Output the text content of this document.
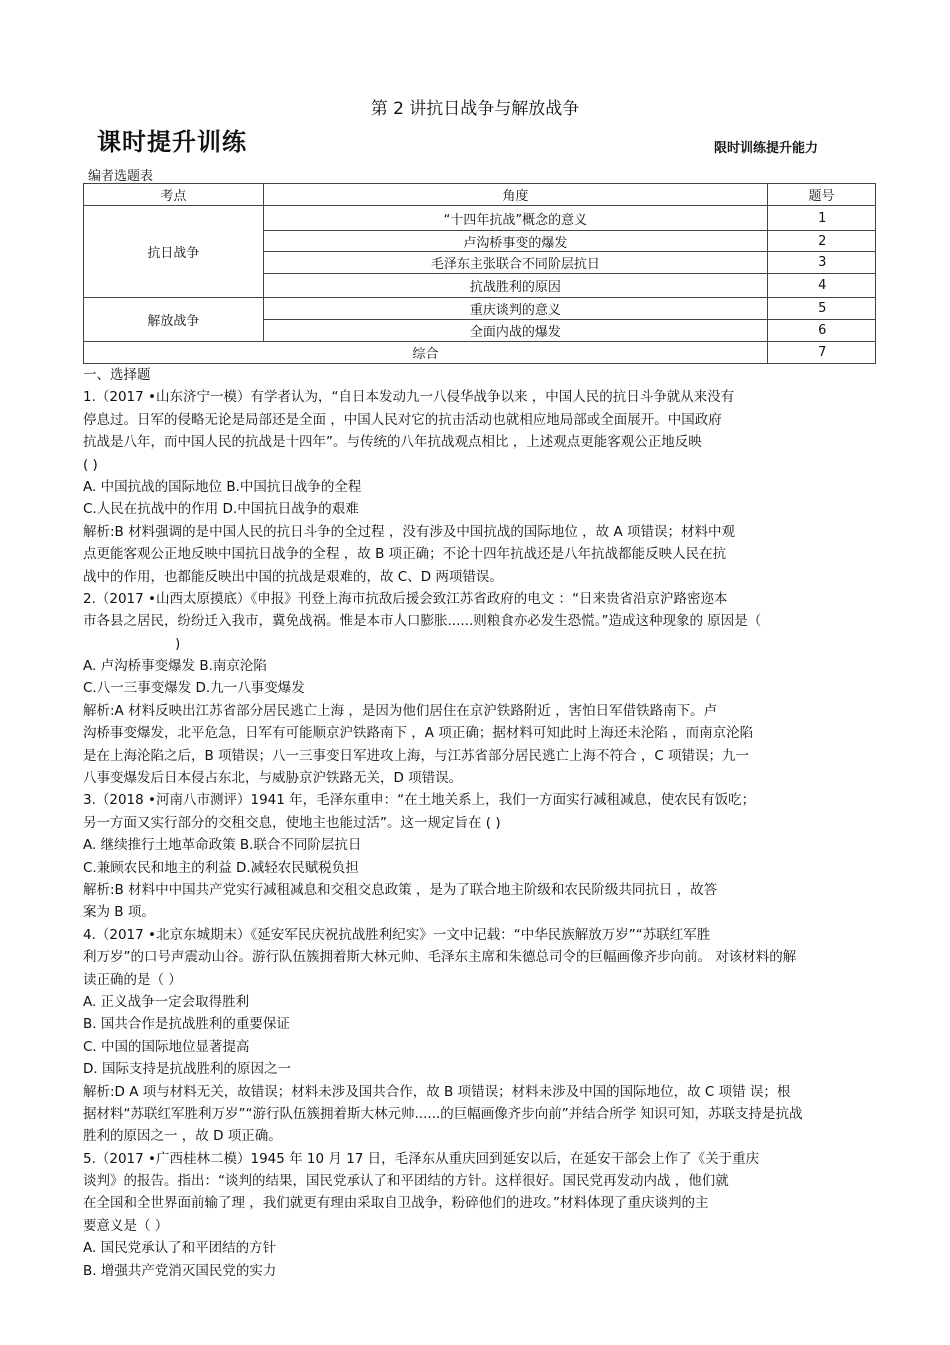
第 2 讲抗日战争与解放战争
课时提升训练	限时训练提升能力
编者选题表
考点	角度	题号
抗日战争	“十四年抗战”概念的意义	1
	卢沟桥事变的爆发	2
	毛泽东主张联合不同阶层抗日	3
	抗战胜利的原因	4
解放战争	重庆谈判的意义	5
	全面内战的爆发	6
综合		7
一、选择题
1.（2017 •山东济宁一模）有学者认为，“自日本发动九一八侵华战争以来 ，中国人民的抗日斗争就从来没有
停息过。日军的侵略无论是局部还是全面 ，中国人民对它的抗击活动也就相应地局部或全面展开。中国政府
抗战是八年，而中国人民的抗战是十四年”。与传统的八年抗战观点相比 ，上述观点更能客观公正地反映
( )
A. 中国抗战的国际地位 B.中国抗日战争的全程
C.人民在抗战中的作用 D.中国抗日战争的艰难
解析:B 材料强调的是中国人民的抗日斗争的全过程 ，没有涉及中国抗战的国际地位 ，故 A 项错误；材料中观
点更能客观公正地反映中国抗日战争的全程 ，故 B 项正确；不论十四年抗战还是八年抗战都能反映人民在抗
战中的作用，也都能反映出中国的抗战是艰难的，故 C、D 两项错误。
2.（2017 •山西太原摸底）《申报》刊登上海市抗敌后援会致江苏省政府的电文 ：“日来贵省沿京沪路密迩本
市各县之居民，纷纷迁入我市，冀免战祸。惟是本市人口膨胀......则粮食亦必发生恐慌。”造成这种现象的 原因是（
)
A. 卢沟桥事变爆发 B.南京沦陷
C.八一三事变爆发 D.九一八事变爆发
解析:A 材料反映出江苏省部分居民逃亡上海 ，是因为他们居住在京沪铁路附近 ，害怕日军借铁路南下。卢
沟桥事变爆发，北平危急，日军有可能顺京沪铁路南下 ，A 项正确；据材料可知此时上海还未沦陷 ，而南京沦陷
是在上海沦陷之后，B 项错误；八一三事变日军进攻上海，与江苏省部分居民逃亡上海不符合 ，C 项错误；九一
八事变爆发后日本侵占东北，与威胁京沪铁路无关，D 项错误。
3.（2018 •河南八市测评）1941 年，毛泽东重申：“在土地关系上，我们一方面实行减租减息，使农民有饭吃；
另一方面又实行部分的交租交息，使地主也能过活”。这一规定旨在 ( )
A. 继续推行土地革命政策 B.联合不同阶层抗日
C.兼顾农民和地主的利益 D.减轻农民赋税负担
解析:B 材料中中国共产党实行减租减息和交租交息政策 ，是为了联合地主阶级和农民阶级共同抗日 ，故答
案为 B 项。
4.（2017 •北京东城期末）《延安军民庆祝抗战胜利纪实》一文中记载：“中华民族解放万岁”“苏联红军胜
利万岁”的口号声震动山谷。游行队伍簇拥着斯大林元帅、毛泽东主席和朱德总司令的巨幅画像齐步向前。 对该材料的解
读正确的是（ ）
A. 正义战争一定会取得胜利
B. 国共合作是抗战胜利的重要保证
C. 中国的国际地位显著提高
D. 国际支持是抗战胜利的原因之一
解析:D A 项与材料无关，故错误；材料未涉及国共合作，故 B 项错误；材料未涉及中国的国际地位，故 C 项错 误；根
据材料“苏联红军胜利万岁”“游行队伍簇拥着斯大林元帅......的巨幅画像齐步向前”并结合所学 知识可知，苏联支持是抗战
胜利的原因之一 ，故 D 项正确。
5.（2017 •广西桂林二模）1945 年 10 月 17 日，毛泽东从重庆回到延安以后，在延安干部会上作了《关于重庆
谈判》的报告。指出：“谈判的结果，国民党承认了和平团结的方针。这样很好。国民党再发动内战 ，他们就
在全国和全世界面前输了理 ，我们就更有理由采取自卫战争，粉碎他们的进攻。”材料体现了重庆谈判的主
要意义是（ ）
A. 国民党承认了和平团结的方针
B. 增强共产党消灭国民党的实力
